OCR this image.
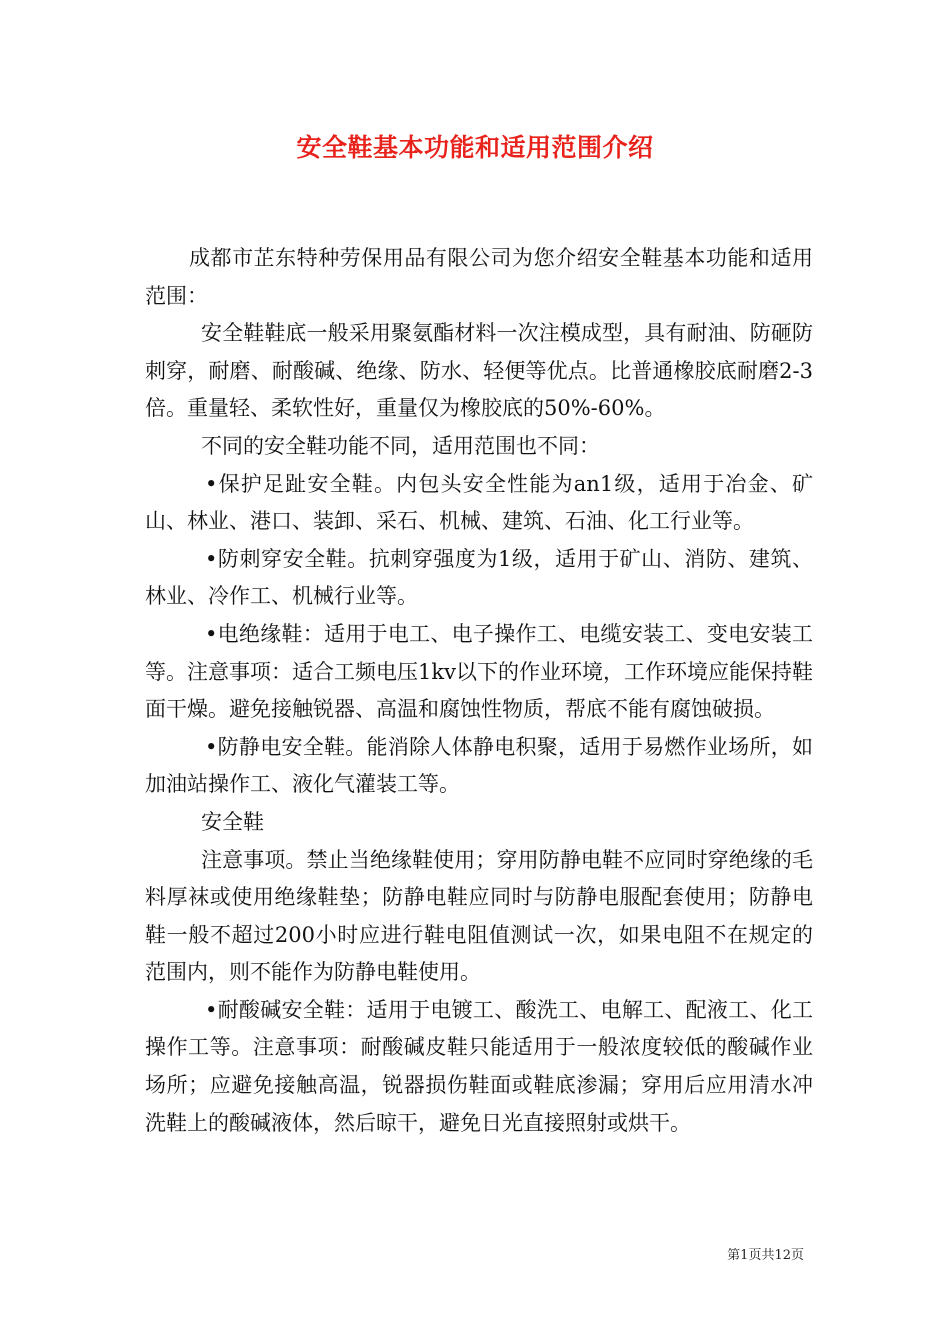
安全鞋基本功能和适用范围介绍

成都市芷东特种劳保用品有限公司为您介绍安全鞋基本功能和适用范围：

安全鞋鞋底一般采用聚氨酯材料一次注模成型，具有耐油、防砸防刺穿，耐磨、耐酸碱、绝缘、防水、轻便等优点。比普通橡胶底耐磨2-3倍。重量轻、柔软性好，重量仅为橡胶底的50%-60%。

不同的安全鞋功能不同，适用范围也不同：

•保护足趾安全鞋。内包头安全性能为an1级，适用于冶金、矿山、林业、港口、装卸、采石、机械、建筑、石油、化工行业等。

•防刺穿安全鞋。抗刺穿强度为1级，适用于矿山、消防、建筑、林业、冷作工、机械行业等。

•电绝缘鞋：适用于电工、电子操作工、电缆安装工、变电安装工等。注意事项：适合工频电压1kv以下的作业环境，工作环境应能保持鞋面干燥。避免接触锐器、高温和腐蚀性物质，帮底不能有腐蚀破损。

•防静电安全鞋。能消除人体静电积聚，适用于易燃作业场所，如加油站操作工、液化气灌装工等。

安全鞋

注意事项。禁止当绝缘鞋使用；穿用防静电鞋不应同时穿绝缘的毛料厚袜或使用绝缘鞋垫；防静电鞋应同时与防静电服配套使用；防静电鞋一般不超过200小时应进行鞋电阻值测试一次，如果电阻不在规定的范围内，则不能作为防静电鞋使用。

•耐酸碱安全鞋：适用于电镀工、酸洗工、电解工、配液工、化工操作工等。注意事项：耐酸碱皮鞋只能适用于一般浓度较低的酸碱作业场所；应避免接触高温，锐器损伤鞋面或鞋底渗漏；穿用后应用清水冲洗鞋上的酸碱液体，然后晾干，避免日光直接照射或烘干。

第1页共12页
